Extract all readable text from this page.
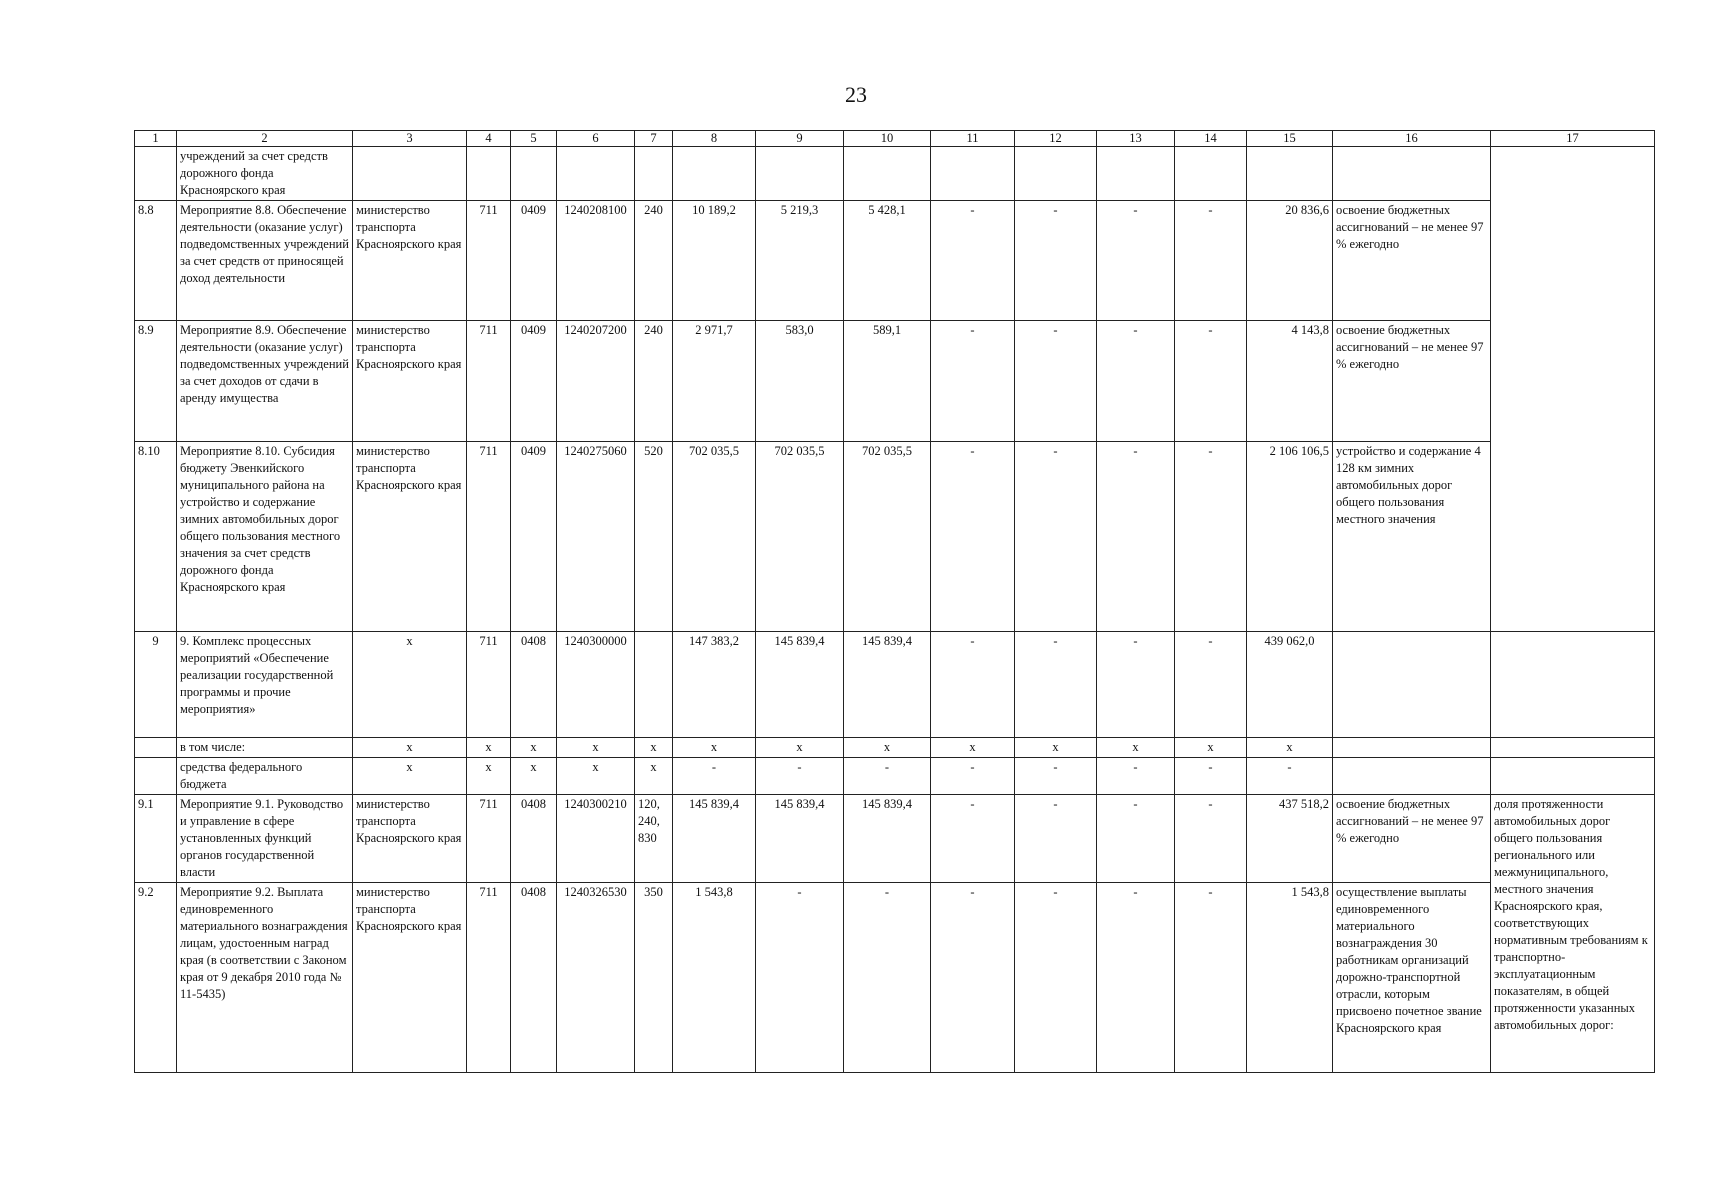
23
1	2	3	4	5	6	7	8	9	10	11	12	13	14	15	16	17
	учреждений за счет средств дорожного фонда Красноярского края															
8.8	Мероприятие 8.8. Обеспечение деятельности (оказание услуг) подведомственных учреждений за счет средств от приносящей доход деятельности	министерство транспорта Красноярского края	711	0409	1240208100	240	10 189,2	5 219,3	5 428,1	-	-	-	-	20 836,6	освоение бюджетных ассигнований – не менее 97 % ежегодно	
8.9	Мероприятие 8.9. Обеспечение деятельности (оказание услуг) подведомственных учреждений за счет доходов от сдачи в аренду имущества	министерство транспорта Красноярского края	711	0409	1240207200	240	2 971,7	583,0	589,1	-	-	-	-	4 143,8	освоение бюджетных ассигнований – не менее 97 % ежегодно	
8.10	Мероприятие 8.10. Субсидия бюджету Эвенкийского муниципального района на устройство и содержание зимних автомобильных дорог общего пользования местного значения за счет средств дорожного фонда Красноярского края	министерство транспорта Красноярского края	711	0409	1240275060	520	702 035,5	702 035,5	702 035,5	-	-	-	-	2 106 106,5	устройство и содержание 4 128 км зимних автомобильных дорог общего пользования местного значения	
9	9. Комплекс процессных мероприятий «Обеспечение реализации государственной программы и прочие мероприятия»	x	711	0408	1240300000		147 383,2	145 839,4	145 839,4	-	-	-	-	439 062,0		
	в том числе:	x	x	x	x	x	x	x	x	x	x	x	x	x		
	средства федерального бюджета	x	x	x	x	x	-	-	-	-	-	-	-	-		
9.1	Мероприятие 9.1. Руководство и управление в сфере установленных функций органов государственной власти	министерство транспорта Красноярского края	711	0408	1240300210	120, 240, 830	145 839,4	145 839,4	145 839,4	-	-	-	-	437 518,2	освоение бюджетных ассигнований – не менее 97 % ежегодно	доля протяженности автомобильных дорог общего пользования регионального или межмуниципального, местного значения Красноярского края, соответствующих нормативным требованиям к транспортно-эксплуатационным показателям, в общей протяженности указанных автомобильных дорог:
9.2	Мероприятие 9.2. Выплата единовременного материального вознаграждения лицам, удостоенным наград края (в соответствии с Законом края от 9 декабря 2010 года № 11-5435)	министерство транспорта Красноярского края	711	0408	1240326530	350	1 543,8	-	-	-	-	-	-	1 543,8	осуществление выплаты единовременного материального вознаграждения 30 работникам организаций дорожно-транспортной отрасли, которым присвоено почетное звание Красноярского края	
